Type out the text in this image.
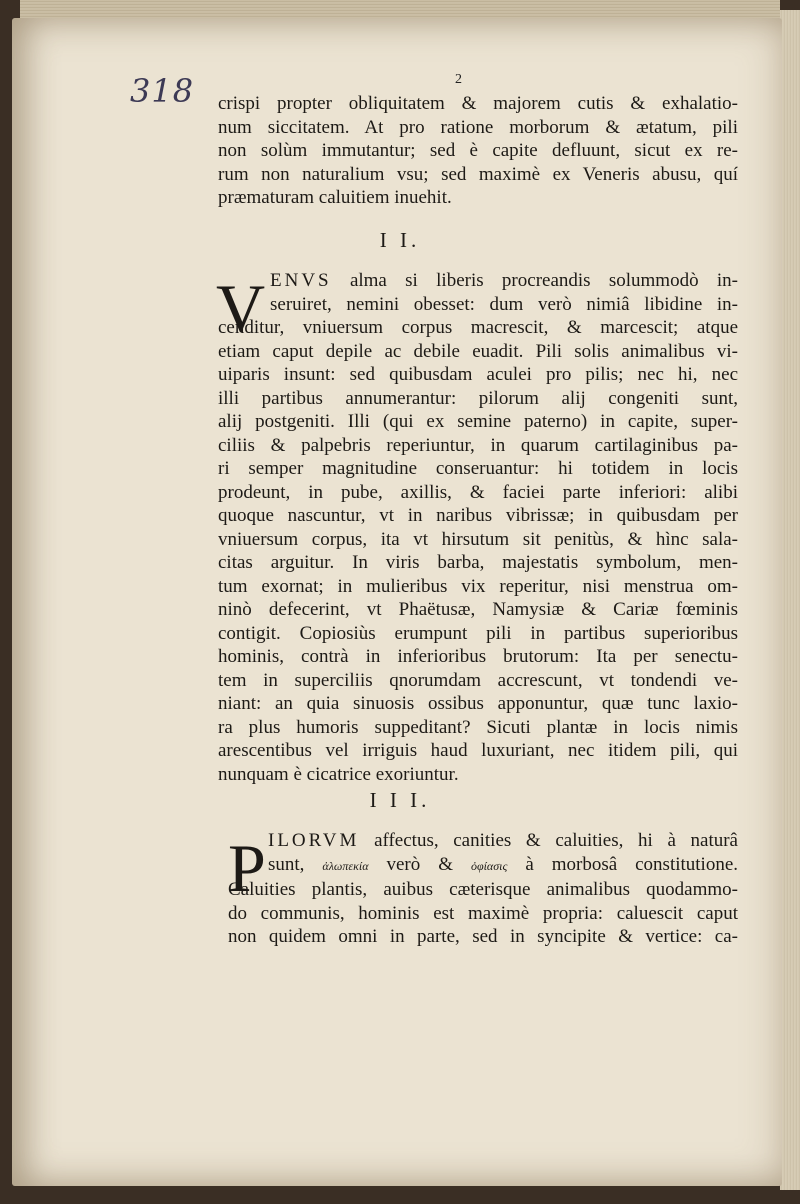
318	2
crispi propter obliquitatem & majorem cutis & exhalatio-
num siccitatem. At pro ratione morborum & ætatum, pili
non solùm immutantur; sed è capite defluunt, sicut ex re-
rum non naturalium vsu; sed maximè ex Veneris abusu, quí
præmaturam caluitiem inuehit.
I I.
V ENVS alma si liberis procreandis solummodò in-
seruiret, nemini obesset: dum verò nimiâ libidine in-
cenditur, vniuersum corpus macrescit, & marcescit; atque
etiam caput depile ac debile euadit. Pili solis animalibus vi-
uiparis insunt: sed quibusdam aculei pro pilis; nec hi, nec
illi partibus annumerantur: pilorum alij congeniti sunt,
alij postgeniti. Illi (qui ex semine paterno) in capite, super-
ciliis & palpebris reperiuntur, in quarum cartilaginibus pa-
ri semper magnitudine conseruantur: hi totidem in locis
prodeunt, in pube, axillis, & faciei parte inferiori: alibi
quoque nascuntur, vt in naribus vibrissæ; in quibusdam per
vniuersum corpus, ita vt hirsutum sit penitùs, & hìnc sala-
citas arguitur. In viris barba, majestatis symbolum, men-
tum exornat; in mulieribus vix reperitur, nisi menstrua om-
ninò defecerint, vt Phaëtusæ, Namysiæ & Cariæ fœminis
contigit. Copiosiùs erumpunt pili in partibus superioribus
hominis, contrà in inferioribus brutorum: Ita per senectu-
tem in superciliis qnorumdam accrescunt, vt tondendi ve-
niant: an quia sinuosis ossibus apponuntur, quæ tunc laxio-
ra plus humoris suppeditant? Sicuti plantæ in locis nimis
arescentibus vel irriguis haud luxuriant, nec itidem pili, qui
nunquam è cicatrice exoriuntur.
I I I.
P ILORVM affectus, canities & caluities, hi à naturâ
sunt, ἀλωπεκία verò & ὀφίασις à morbosâ constitutione.
Caluities plantis, auibus cæterisque animalibus quodammo-
do communis, hominis est maximè propria: caluescit caput
non quidem omni in parte, sed in syncipite & vertice: ca-
